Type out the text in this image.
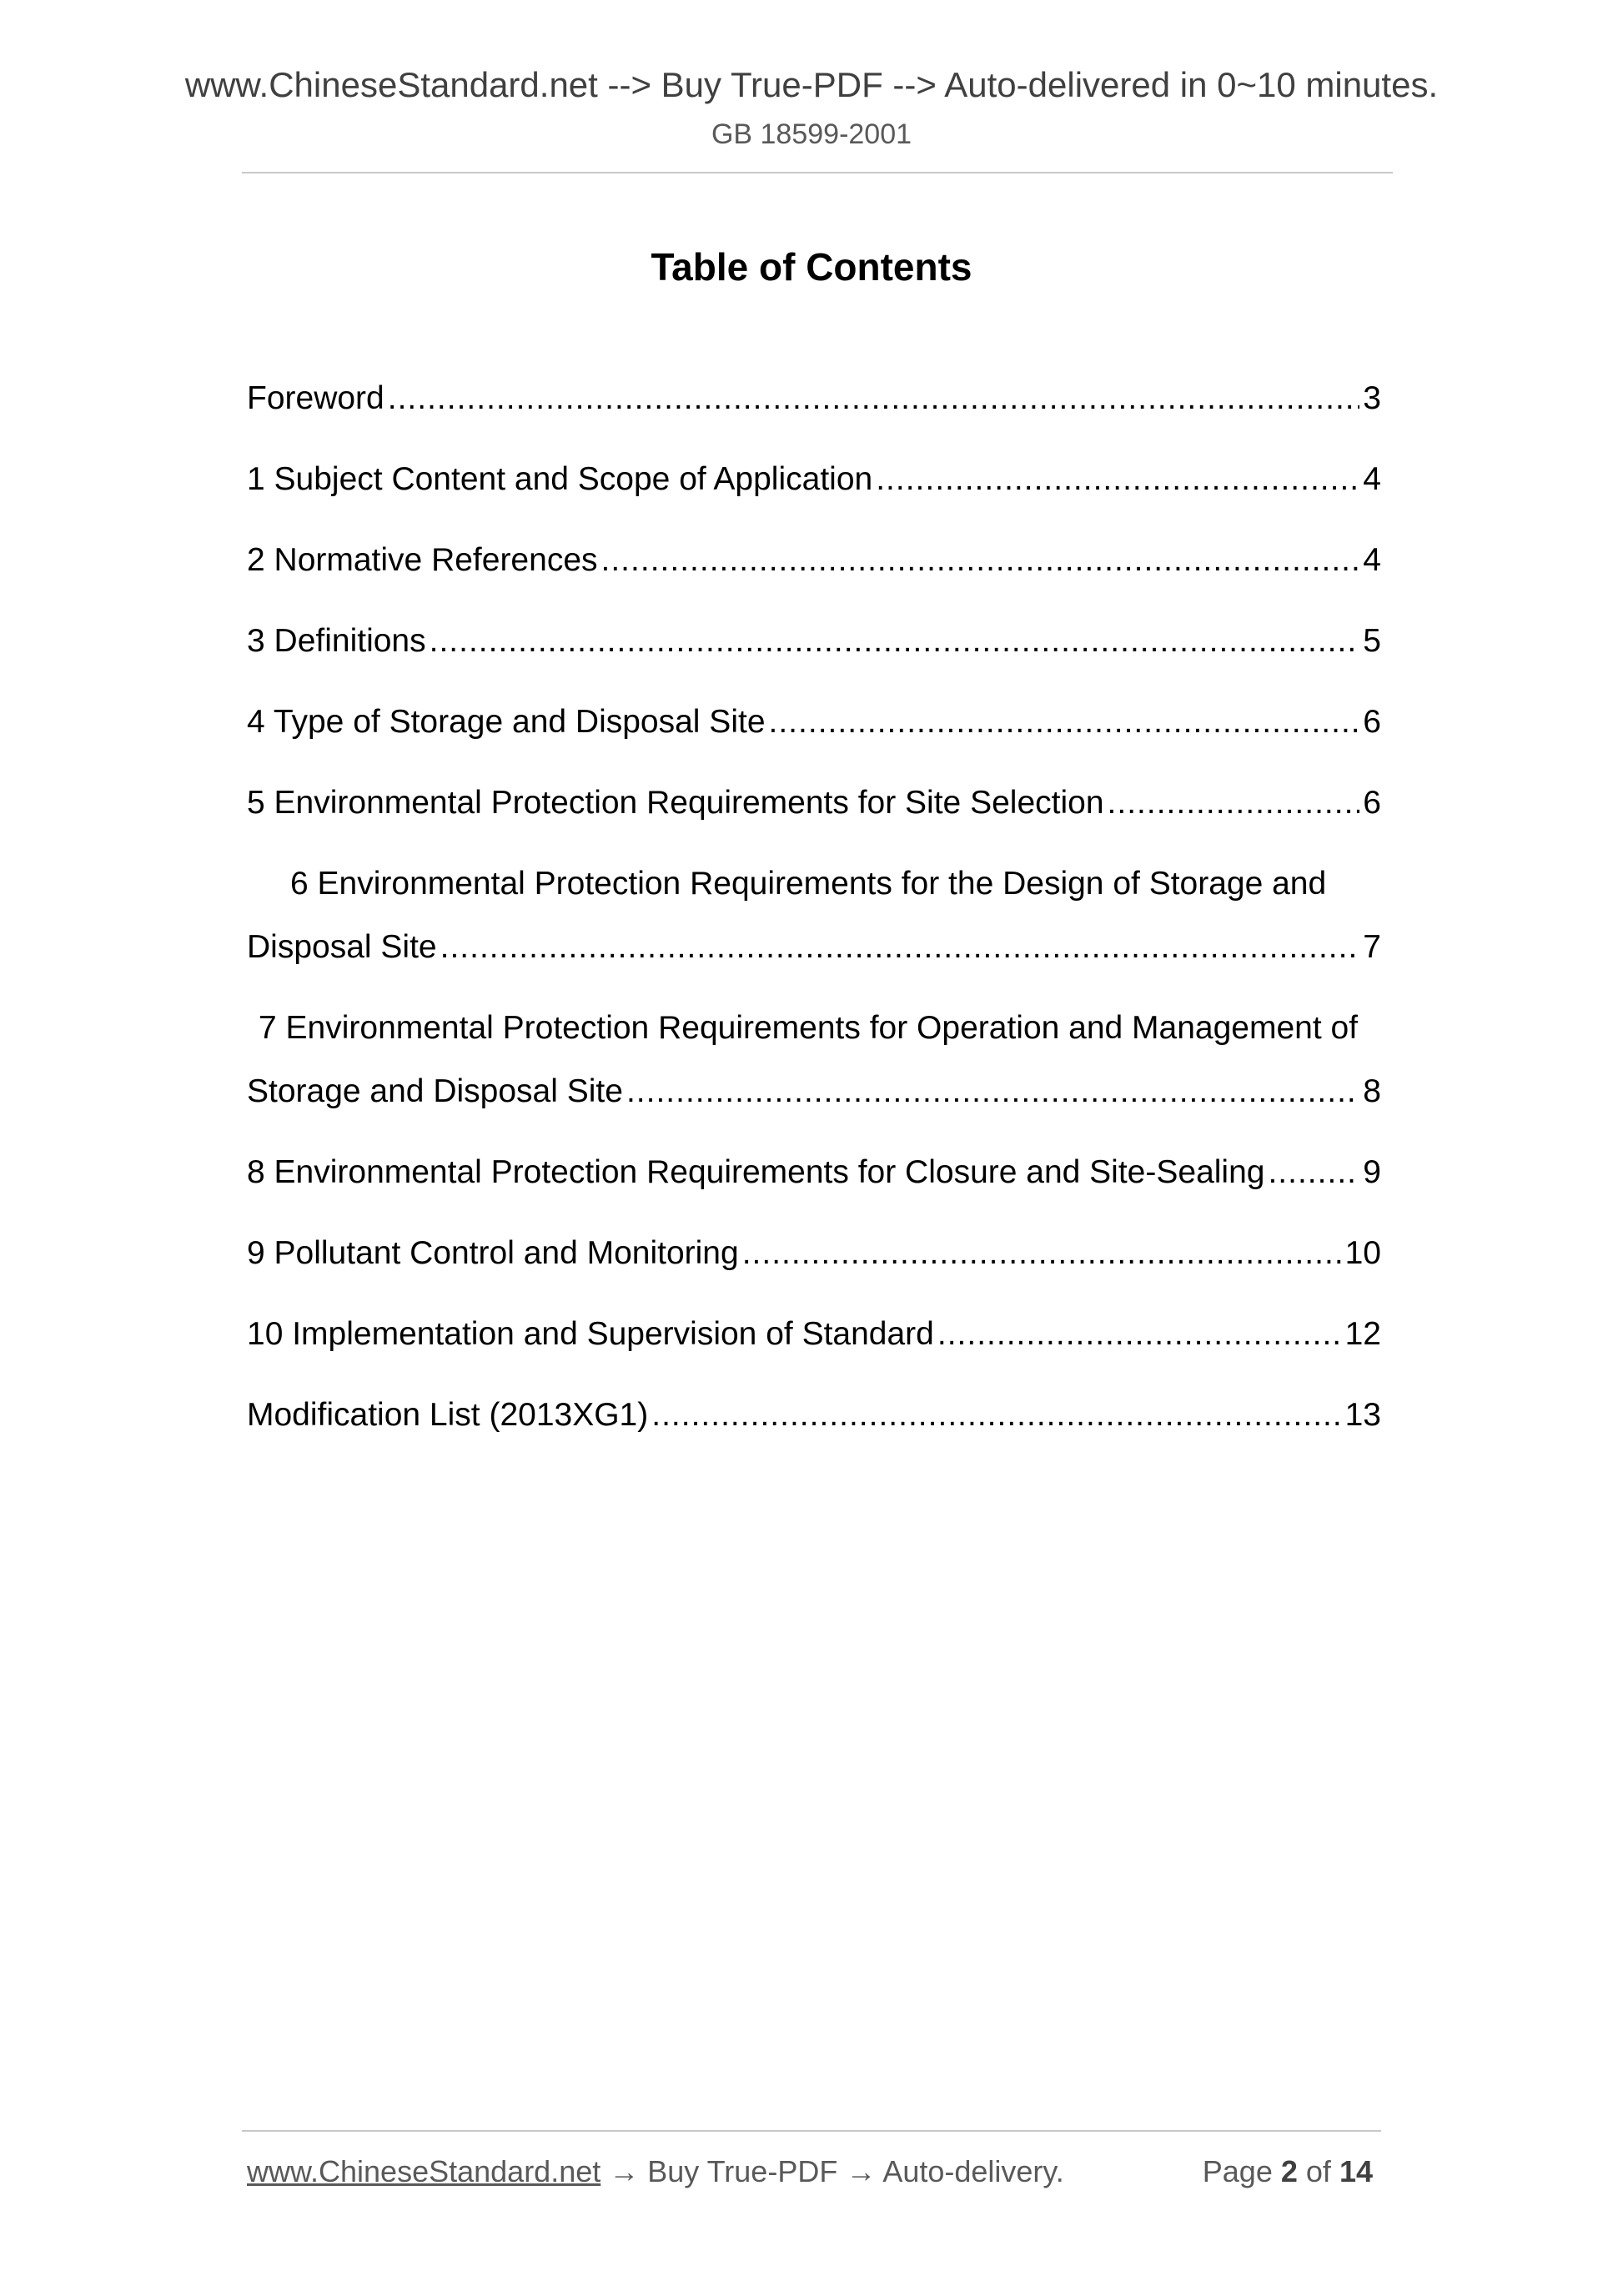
www.ChineseStandard.net --> Buy True-PDF --> Auto-delivered in 0~10 minutes.
GB 18599-2001
Table of Contents
Foreword .....	3
1 Subject Content and Scope of Application .....	4
2 Normative References .....	4
3 Definitions .....	5
4 Type of Storage and Disposal Site .....	6
5 Environmental Protection Requirements for Site Selection .....	6
6 Environmental Protection Requirements for the Design of Storage and
Disposal Site .....	7
7 Environmental Protection Requirements for Operation and Management of
Storage and Disposal Site .....	8
8 Environmental Protection Requirements for Closure and Site-Sealing .....	9
9 Pollutant Control and Monitoring .....	10
10 Implementation and Supervision of Standard .....	12
Modification List (2013XG1) .....	13
www.ChineseStandard.net → Buy True-PDF → Auto-delivery.	Page 2 of 14
